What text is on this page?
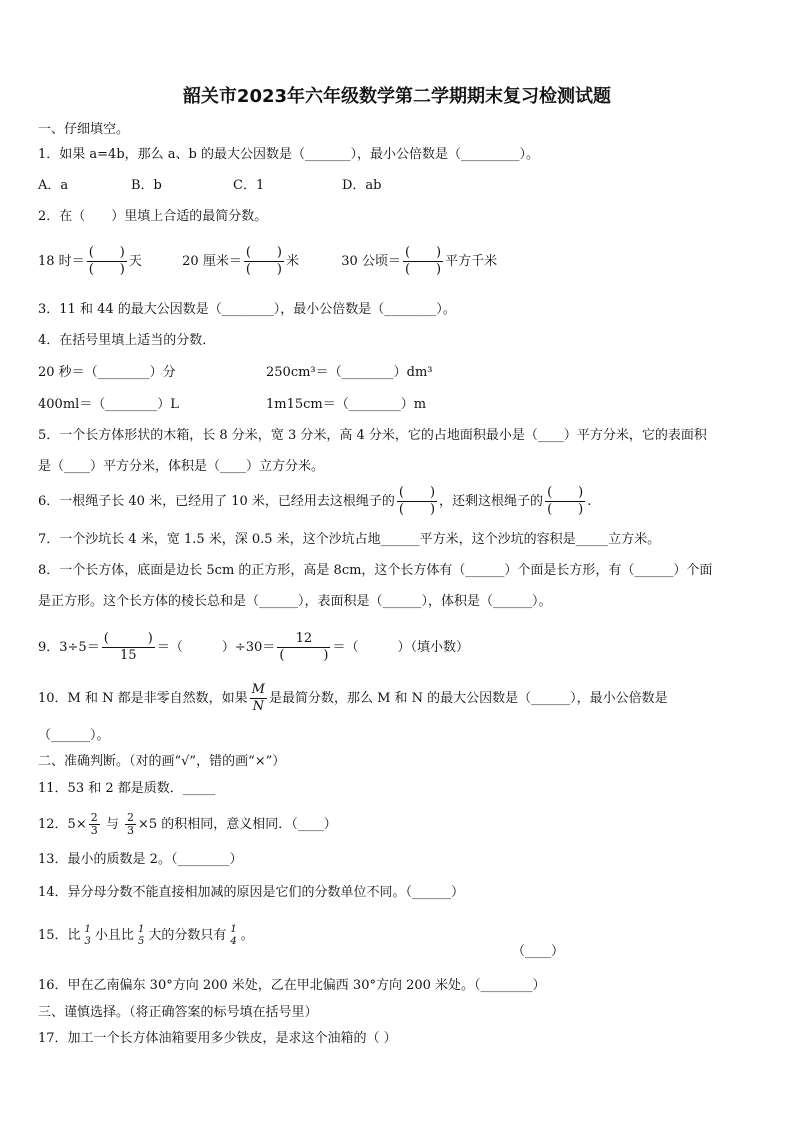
韶关市2023年六年级数学第二学期期末复习检测试题
一、仔细填空。
1．如果 a=4b，那么 a、b 的最大公因数是（_______），最小公倍数是（_________）。
A．a	B．b	C．1	D．ab
2．在（　　）里填上合适的最简分数。
18 时＝ $\frac{( )}{( )}$ 天	20 厘米＝ $\frac{( )}{( )}$ 米	30 公顷＝ $\frac{( )}{( )}$ 平方千米
3．11 和 44 的最大公因数是（________），最小公倍数是（________）。
4．在括号里填上适当的分数．
20 秒＝（________）分	250cm³＝（________）dm³
400ml＝（________）L	1m15cm＝（________）m
5．一个长方体形状的木箱，长 8 分米，宽 3 分米，高 4 分米，它的占地面积最小是（____）平方分米，它的表面积
是（____）平方分米，体积是（____）立方分米。
6．一根绳子长 40 米，已经用了 10 米，已经用去这根绳子的 $\frac{( )}{( )}$ ，还剩这根绳子的 $\frac{( )}{( )}$ .
7．一个沙坑长 4 米，宽 1.5 米，深 0.5 米，这个沙坑占地______平方米，这个沙坑的容积是_____立方米。
8．一个长方体，底面是边长 5cm 的正方形，高是 8cm，这个长方体有（______）个面是长方形，有（______）个面
是正方形。这个长方体的棱长总和是（______），表面积是（______），体积是（______）。
9．$3\div 5= \frac{( )}{15}$ ＝（　　　）$\div 30= \frac{12}{( )}$ ＝（　　　）（填小数）
10．M 和 N 都是非零自然数，如果 $\frac{M}{N}$ 是最简分数，那么 M 和 N 的最大公因数是（______），最小公倍数是
（______）。
二、准确判断。（对的画“√”，错的画“×”）
11．53 和 2 都是质数．_____
12．$5\times \frac{2}{3}$ 与 $\frac{2}{3} \times 5$ 的积相同，意义相同．（____）
13．最小的质数是 2。（________）
14．异分母分数不能直接相加减的原因是它们的分数单位不同。（______）
15．比 1
3 小且比 1
5 大的分数只有 1
4 。
（____）
16．甲在乙南偏东 30°方向 200 米处，乙在甲北偏西 30°方向 200 米处。（________）
三、谨慎选择。（将正确答案的标号填在括号里）
17．加工一个长方体油箱要用多少铁皮，是求这个油箱的（ ）
